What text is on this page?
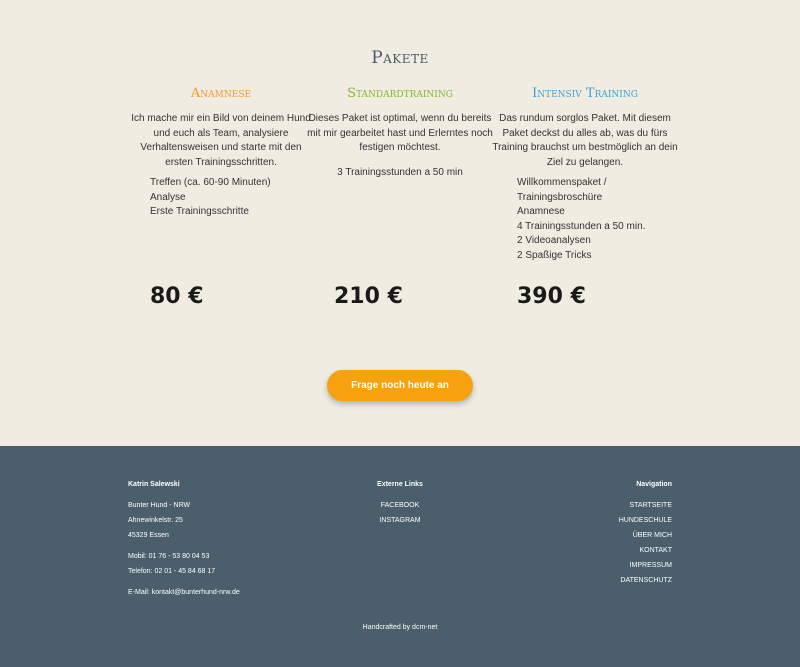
Pakete
Anamnese
Ich mache mir ein Bild von deinem Hund und euch als Team, analysiere Verhaltensweisen und starte mit den ersten Trainingsschritten.
Treffen (ca. 60-90 Minuten)
Analyse
Erste Trainingsschritte
Standardtraining
Dieses Paket ist optimal, wenn du bereits mit mir gearbeitet hast und Erlerntes noch festigen möchtest.
3 Trainingsstunden a 50 min
Intensiv Training
Das rundum sorglos Paket. Mit diesem Paket deckst du alles ab, was du fürs Training brauchst um bestmöglich an dein Ziel zu gelangen.
Willkommenspaket / Trainingsbroschüre
Anamnese
4 Trainingsstunden a 50 min.
2 Videoanalysen
2 Spaßige Tricks
80 €	210 €	390 €
Frage noch heute an
Katrin Salewski
Bunter Hund - NRW
Ahnewinkelstr. 25
45329 Essen
Mobil: 01 76 - 53 80 04 53
Telefon: 02 01 - 45 84 68 17
E-Mail: kontakt@bunterhund-nrw.de
Externe Links
FACEBOOK
INSTAGRAM
Navigation
STARTSEITE
HUNDESCHULE
ÜBER MICH
KONTAKT
IMPRESSUM
DATENSCHUTZ
Handcrafted by dcm-net
